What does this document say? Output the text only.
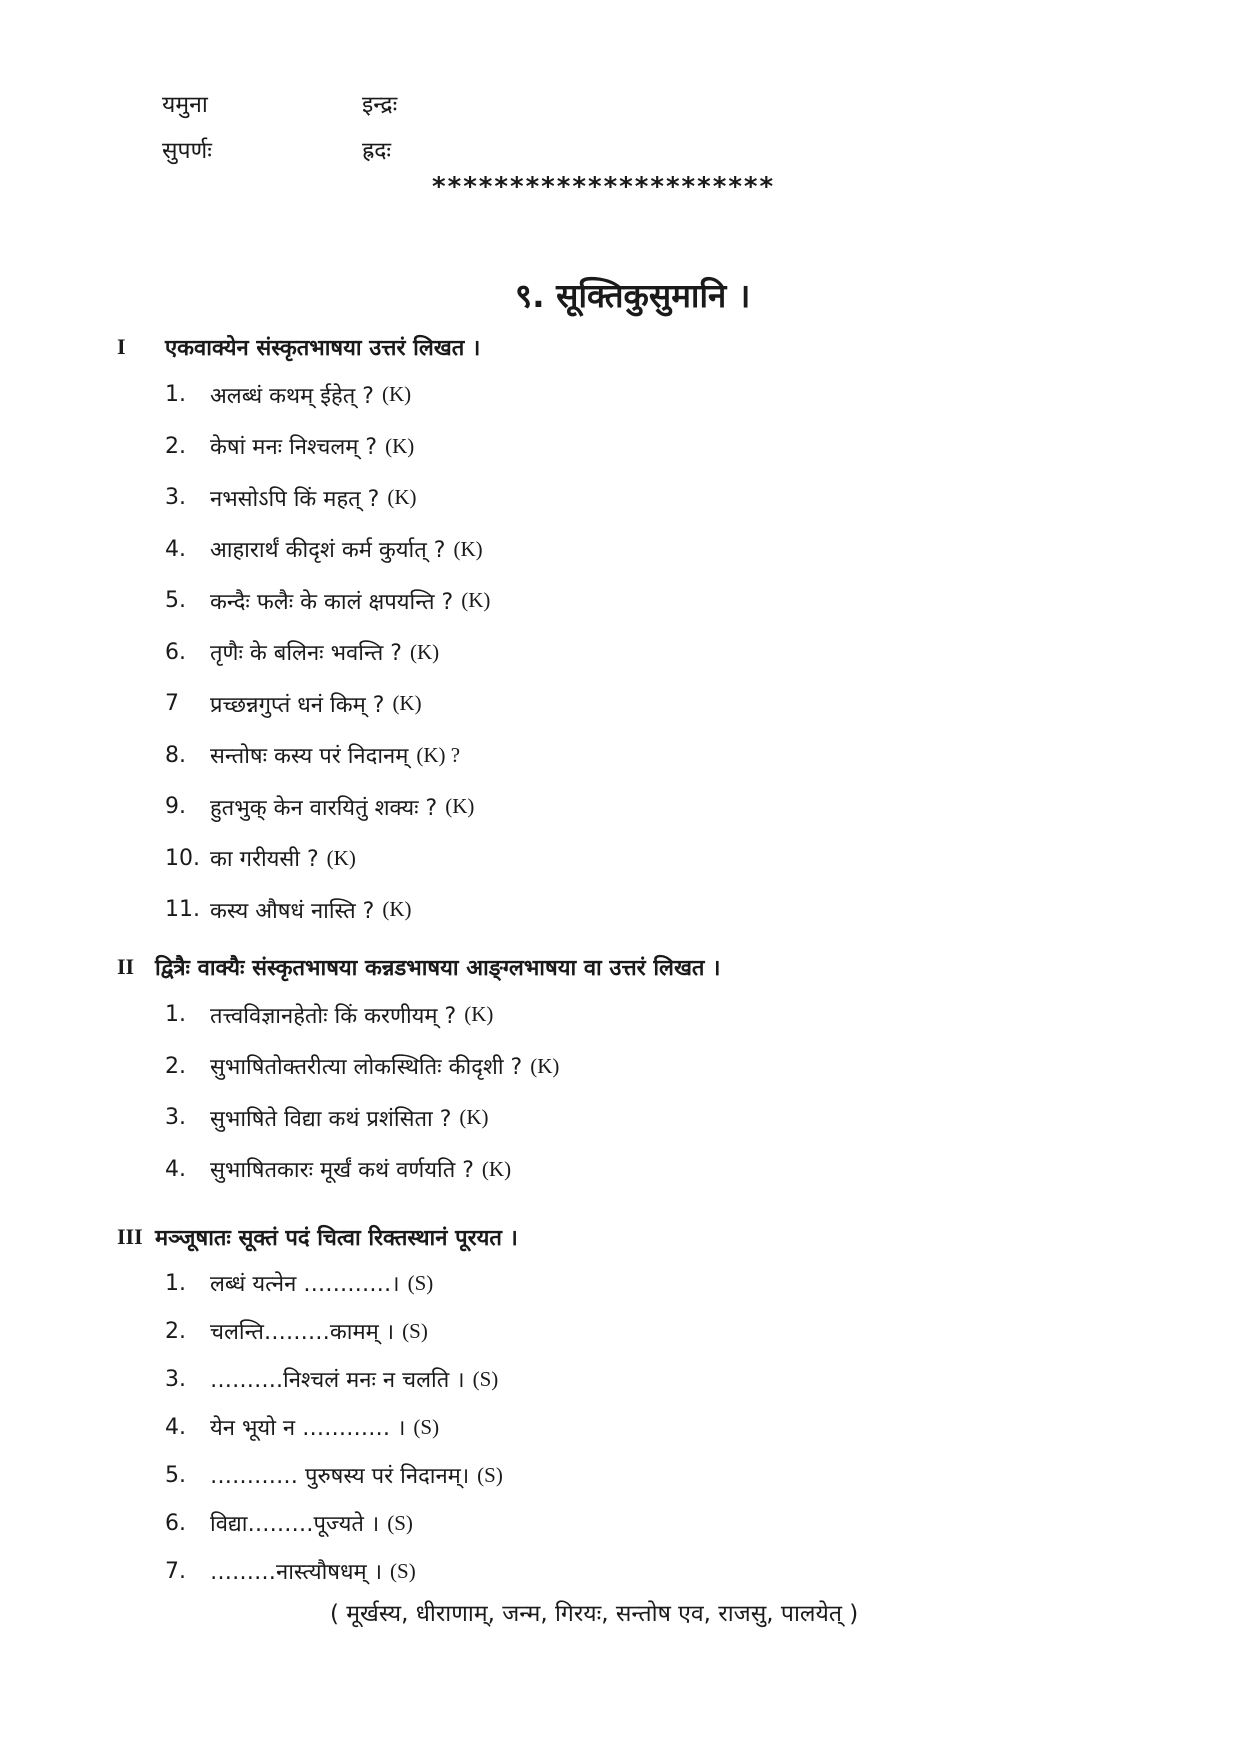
यमुना	इन्द्रः
सुपर्णः	ह्रदः
**********************
९. सूक्तिकुसुमानि ।
I	एकवाक्येन संस्कृतभाषया उत्तरं लिखत ।
1.	अलब्धं कथम् ईहेत् ? (K)
2.	केषां मनः निश्चलम् ? (K)
3.	नभसोऽपि किं महत् ? (K)
4.	आहारार्थं कीदृशं कर्म कुर्यात् ? (K)
5.	कन्दैः फलैः के कालं क्षपयन्ति ? (K)
6.	तृणैः के बलिनः भवन्ति ? (K)
7	प्रच्छन्नगुप्तं धनं किम् ? (K)
8.	सन्तोषः कस्य परं निदानम् (K) ?
9.	हुतभुक् केन वारयितुं शक्यः ? (K)
10. का गरीयसी ? (K)
11. कस्य औषधं नास्ति ? (K)
II द्वित्रैः वाक्यैः संस्कृतभाषया कन्नडभाषया आङ्ग्लभाषया वा उत्तरं लिखत ।
1.	तत्त्वविज्ञानहेतोः किं करणीयम् ? (K)
2.	सुभाषितोक्तरीत्या लोकस्थितिः कीदृशी ? (K)
3.	सुभाषिते विद्या कथं प्रशंसिता ? (K)
4.	सुभाषितकारः मूर्खं कथं वर्णयति ? (K)
III मञ्जूषातः सूक्तं पदं चित्वा रिक्तस्थानं पूरयत ।
1.	लब्धं यत्नेन …………। (S)
2.	चलन्ति………कामम् । (S)
3.	……….निश्चलं मनः न चलति । (S)
4.	येन भूयो न ………… । (S)
5.	………… पुरुषस्य परं निदानम्। (S)
6.	विद्या………पूज्यते । (S)
7.	………नास्त्यौषधम् । (S)
( मूर्खस्य, धीराणाम्, जन्म, गिरयः, सन्तोष एव, राजसु, पालयेत् )
